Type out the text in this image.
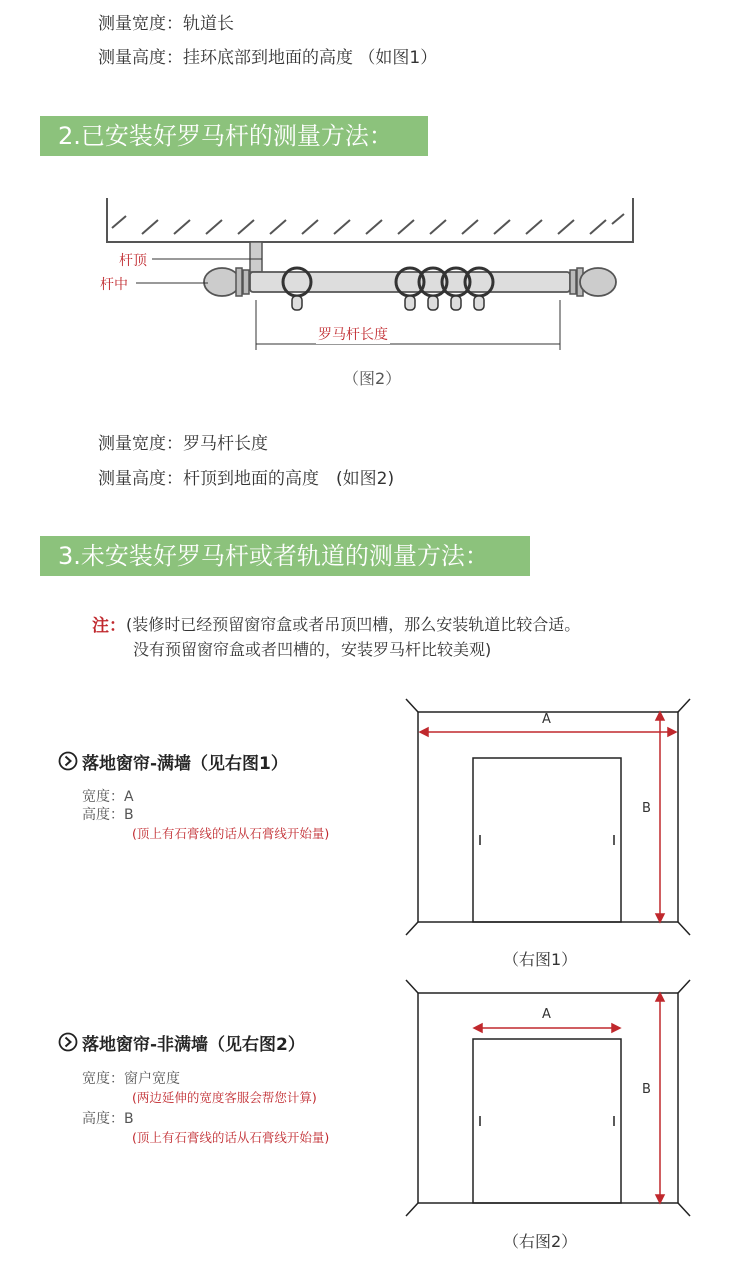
测量宽度：轨道长
测量高度：挂环底部到地面的高度 （如图1）
2.已安装好罗马杆的测量方法：
杆顶
杆中
罗马杆长度
（图2）
测量宽度：罗马杆长度
测量高度：杆顶到地面的高度　(如图2)
3.未安装好罗马杆或者轨道的测量方法：
注： (装修时已经预留窗帘盒或者吊顶凹槽，那么安装轨道比较合适。
没有预留窗帘盒或者凹槽的，安装罗马杆比较美观)
落地窗帘-满墙（见右图1）
宽度：A
高度：B
(顶上有石膏线的话从石膏线开始量)
A
B
（右图1）
落地窗帘-非满墙（见右图2）
宽度：窗户宽度
(两边延伸的宽度客服会帮您计算)
高度：B
(顶上有石膏线的话从石膏线开始量)
A
B
（右图2）
